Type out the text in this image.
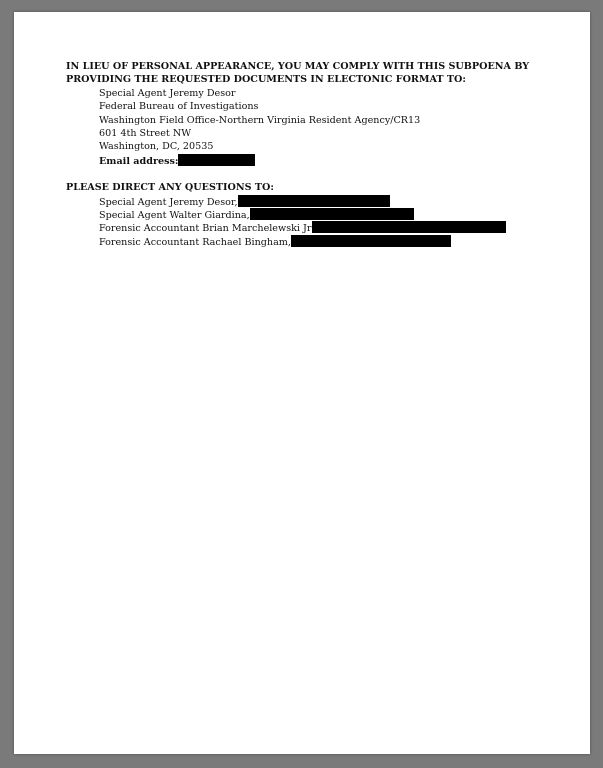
IN LIEU OF PERSONAL APPEARANCE, YOU MAY COMPLY WITH THIS SUBPOENA BY
PROVIDING THE REQUESTED DOCUMENTS IN ELECTONIC FORMAT TO:
Special Agent Jeremy Desor
Federal Bureau of Investigations
Washington Field Office-Northern Virginia Resident Agency/CR13
601 4th Street NW
Washington, DC, 20535
Email address:
PLEASE DIRECT ANY QUESTIONS TO:
Special Agent Jeremy Desor,
Special Agent Walter Giardina,
Forensic Accountant Brian Marchelewski Jr
Forensic Accountant Rachael Bingham,
